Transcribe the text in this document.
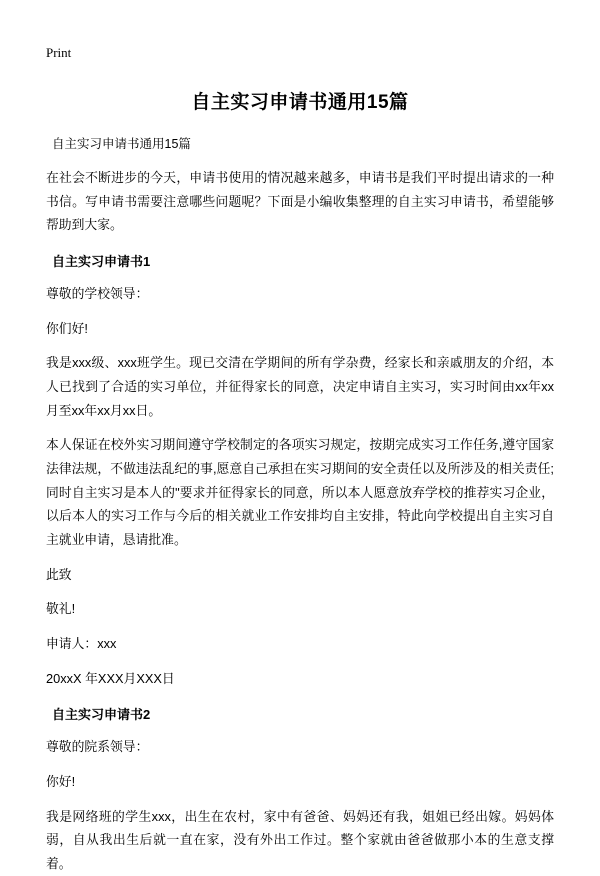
Print
自主实习申请书通用15篇
自主实习申请书通用15篇

在社会不断进步的今天，申请书使用的情况越来越多，申请书是我们平时提出请求的一种书信。写申请书需要注意哪些问题呢？下面是小编收集整理的自主实习申请书，希望能够帮助到大家。

自主实习申请书1

尊敬的学校领导：

你们好!

我是xxx级、xxx班学生。现已交清在学期间的所有学杂费，经家长和亲戚朋友的介绍，本人已找到了合适的实习单位，并征得家长的同意，决定申请自主实习，实习时间由xx年xx月至xx年xx月xx日。

本人保证在校外实习期间遵守学校制定的各项实习规定，按期完成实习工作任务,遵守国家法律法规，不做违法乱纪的事,愿意自己承担在实习期间的安全责任以及所涉及的相关责任;同时自主实习是本人的"要求并征得家长的同意，所以本人愿意放弃学校的推荐实习企业，以后本人的实习工作与今后的相关就业工作安排均自主安排，特此向学校提出自主实习自主就业申请，恳请批准。

此致

敬礼!

申请人：xxx

20xxX 年XXX月XXX日

自主实习申请书2

尊敬的院系领导：

你好!

我是网络班的学生xxx，出生在农村，家中有爸爸、妈妈还有我，姐姐已经出嫁。妈妈体弱，自从我出生后就一直在家，没有外出工作过。整个家就由爸爸做那小本的生意支撑着。
